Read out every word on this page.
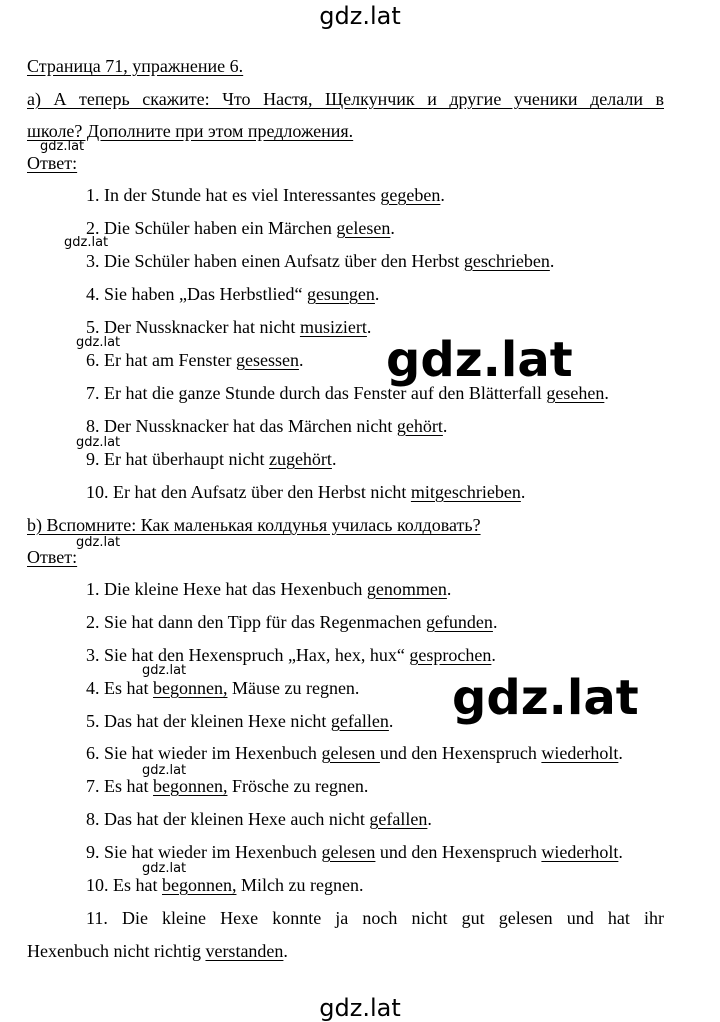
gdz.lat
gdz.lat
gdz.lat
gdz.lat
gdz.lat
gdz.lat
gdz.lat
gdz.lat
gdz.lat
gdz.lat
gdz.lat
gdz.lat
Страница 71, упражнение 6.
а) А теперь скажите: Что Настя, Щелкунчик и другие ученики делали в
школе? Дополните при этом предложения.
Ответ:
1. In der Stunde hat es viel Interessantes gegeben.
2. Die Schüler haben ein Märchen gelesen.
3. Die Schüler haben einen Aufsatz über den Herbst geschrieben.
4. Sie haben „Das Herbstlied“ gesungen.
5. Der Nussknacker hat nicht musiziert.
6. Er hat am Fenster gesessen.
7. Er hat die ganze Stunde durch das Fenster auf den Blätterfall gesehen.
8. Der Nussknacker hat das Märchen nicht gehört.
9. Er hat überhaupt nicht zugehört.
10. Er hat den Aufsatz über den Herbst nicht mitgeschrieben.
b) Вспомните: Как маленькая колдунья училась колдовать?
Ответ:
1. Die kleine Hexe hat das Hexenbuch genommen.
2. Sie hat dann den Tipp für das Regenmachen gefunden.
3. Sie hat den Hexenspruch „Hax, hex, hux“ gesprochen.
4. Es hat begonnen, Mäuse zu regnen.
5. Das hat der kleinen Hexe nicht gefallen.
6. Sie hat wieder im Hexenbuch gelesen und den Hexenspruch wiederholt.
7. Es hat begonnen, Frösche zu regnen.
8. Das hat der kleinen Hexe auch nicht gefallen.
9. Sie hat wieder im Hexenbuch gelesen und den Hexenspruch wiederholt.
10. Es hat begonnen, Milch zu regnen.
11. Die kleine Hexe konnte ja noch nicht gut gelesen und hat ihr
Hexenbuch nicht richtig verstanden.
